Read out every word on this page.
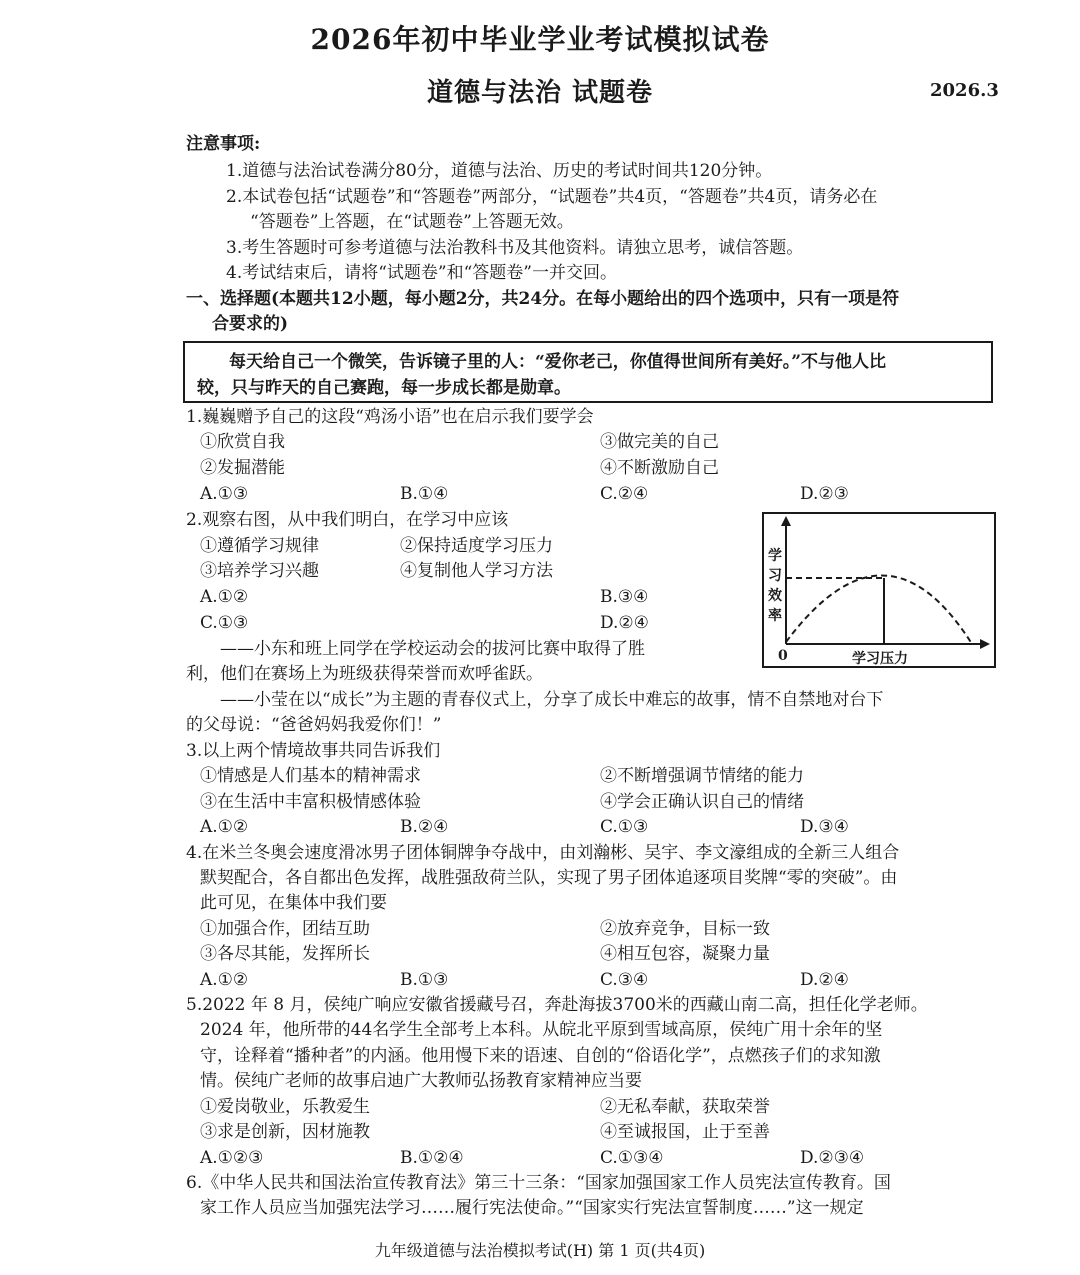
2026年初中毕业学业考试模拟试卷
道德与法治 试题卷	2026.3
注意事项:
1.道德与法治试卷满分80分，道德与法治、历史的考试时间共120分钟。
2.本试卷包括“试题卷”和“答题卷”两部分，“试题卷”共4页，“答题卷”共4页，请务必在
“答题卷”上答题，在“试题卷”上答题无效。
3.考生答题时可参考道德与法治教科书及其他资料。请独立思考，诚信答题。
4.考试结束后，请将“试题卷”和“答题卷”一并交回。
一、选择题(本题共12小题，每小题2分，共24分。在每小题给出的四个选项中，只有一项是符
合要求的)
每天给自己一个微笑，告诉镜子里的人：“爱你老己，你值得世间所有美好。”不与他人比
较，只与昨天的自己赛跑，每一步成长都是勋章。
1.巍巍赠予自己的这段“鸡汤小语”也在启示我们要学会
①欣赏自我	③做完美的自己
②发掘潜能	④不断激励自己
A.①③	B.①④	C.②④	D.②③
2.观察右图，从中我们明白，在学习中应该
①遵循学习规律	②保持适度学习压力
③培养学习兴趣	④复制他人学习方法
A.①②	B.③④
C.①③	D.②④
学习效率
0	学习压力
——小东和班上同学在学校运动会的拔河比赛中取得了胜
利，他们在赛场上为班级获得荣誉而欢呼雀跃。
——小莹在以“成长”为主题的青春仪式上，分享了成长中难忘的故事，情不自禁地对台下
的父母说：“爸爸妈妈我爱你们！”
3.以上两个情境故事共同告诉我们
①情感是人们基本的精神需求	②不断增强调节情绪的能力
③在生活中丰富积极情感体验	④学会正确认识自己的情绪
A.①②	B.②④	C.①③	D.③④
4.在米兰冬奥会速度滑冰男子团体铜牌争夺战中，由刘瀚彬、吴宇、李文濠组成的全新三人组合
默契配合，各自都出色发挥，战胜强敌荷兰队，实现了男子团体追逐项目奖牌“零的突破”。由
此可见，在集体中我们要
①加强合作，团结互助	②放弃竞争，目标一致
③各尽其能，发挥所长	④相互包容，凝聚力量
A.①②	B.①③	C.③④	D.②④
5.2022 年 8 月，侯纯广响应安徽省援藏号召，奔赴海拔3700米的西藏山南二高，担任化学老师。
2024 年，他所带的44名学生全部考上本科。从皖北平原到雪域高原，侯纯广用十余年的坚
守，诠释着“播种者”的内涵。他用慢下来的语速、自创的“俗语化学”，点燃孩子们的求知激
情。侯纯广老师的故事启迪广大教师弘扬教育家精神应当要
①爱岗敬业，乐教爱生	②无私奉献，获取荣誉
③求是创新，因材施教	④至诚报国，止于至善
A.①②③	B.①②④	C.①③④	D.②③④
6.《中华人民共和国法治宣传教育法》第三十三条：“国家加强国家工作人员宪法宣传教育。国
家工作人员应当加强宪法学习……履行宪法使命。”“国家实行宪法宣誓制度……”这一规定
九年级道德与法治模拟考试(H) 第 1 页(共4页)
